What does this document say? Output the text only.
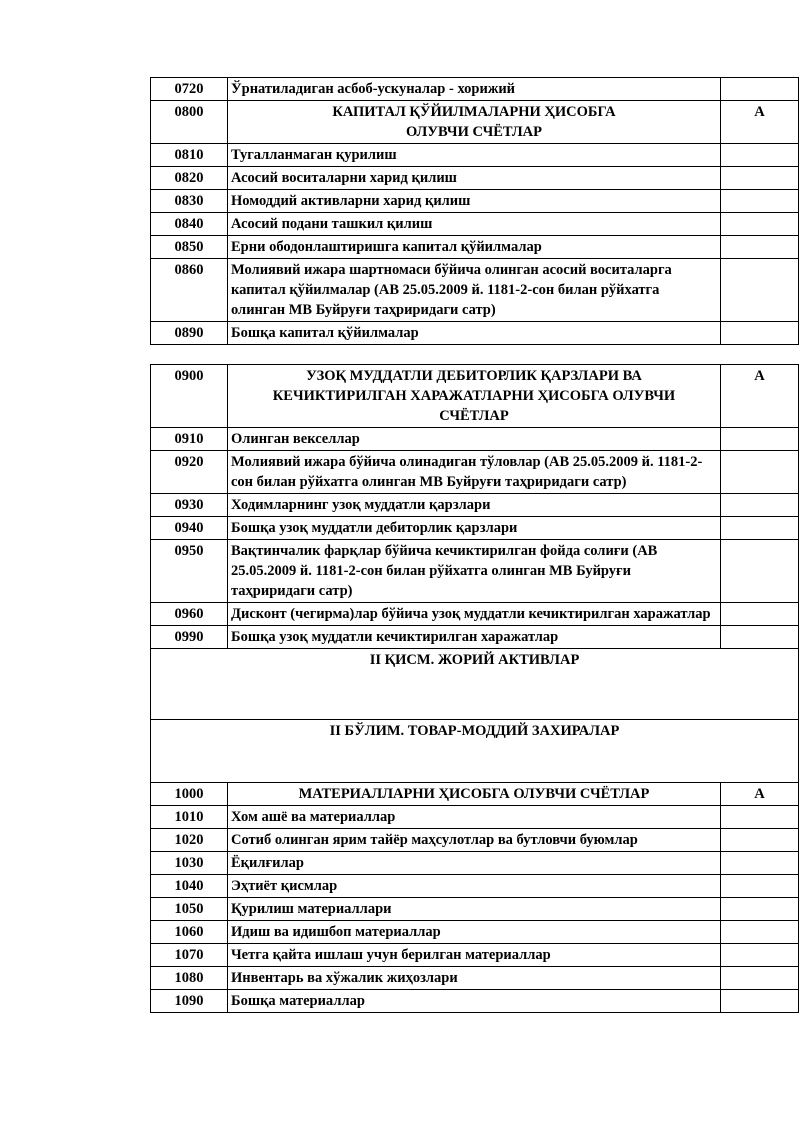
0720	Ўрнатиладиган асбоб-ускуналар - хорижий	
0800	КАПИТАЛ ҚЎЙИЛМАЛАРНИ ҲИСОБГА
ОЛУВЧИ СЧЁТЛАР	А
0810	Тугалланмаган қурилиш	
0820	Асосий воситаларни харид қилиш	
0830	Номоддий активларни харид қилиш	
0840	Асосий подани ташкил қилиш	
0850	Ерни ободонлаштиришга капитал қўйилмалар	
0860	Молиявий ижара шартномаси бўйича олинган асосий воситаларга капитал қўйилмалар (АВ 25.05.2009 й. 1181-2-сон билан рўйхатга олинган МВ Буйруғи таҳриридаги сатр)	
0890	Бошқа капитал қўйилмалар	
0900	УЗОҚ МУДДАТЛИ ДЕБИТОРЛИК ҚАРЗЛАРИ ВА КЕЧИКТИРИЛГАН ХАРАЖАТЛАРНИ ҲИСОБГА ОЛУВЧИ СЧЁТЛАР	А
0910	Олинган векселлар	
0920	Молиявий ижара бўйича олинадиган тўловлар (АВ 25.05.2009 й. 1181-2-сон билан рўйхатга олинган МВ Буйруғи таҳриридаги сатр)	
0930	Ходимларнинг узоқ муддатли қарзлари	
0940	Бошқа узоқ муддатли дебиторлик қарзлари	
0950	Вақтинчалик фарқлар бўйича кечиктирилган фойда солиғи (АВ 25.05.2009 й. 1181-2-сон билан рўйхатга олинган МВ Буйруғи таҳриридаги сатр)	
0960	Дисконт (чегирма)лар бўйича узоқ муддатли кечиктирилган харажатлар	
0990	Бошқа узоқ муддатли кечиктирилган харажатлар	
II ҚИСМ. ЖОРИЙ АКТИВЛАР		
II БЎЛИМ. ТОВАР-МОДДИЙ ЗАХИРАЛАР		
1000	МАТЕРИАЛЛАРНИ ҲИСОБГА ОЛУВЧИ СЧЁТЛАР	А
1010	Хом ашё ва материаллар	
1020	Сотиб олинган ярим тайёр маҳсулотлар ва бутловчи буюмлар	
1030	Ёқилғилар	
1040	Эҳтиёт қисмлар	
1050	Қурилиш материаллари	
1060	Идиш ва идишбоп материаллар	
1070	Четга қайта ишлаш учун берилган материаллар	
1080	Инвентарь ва хўжалик жиҳозлари	
1090	Бошқа материаллар	
